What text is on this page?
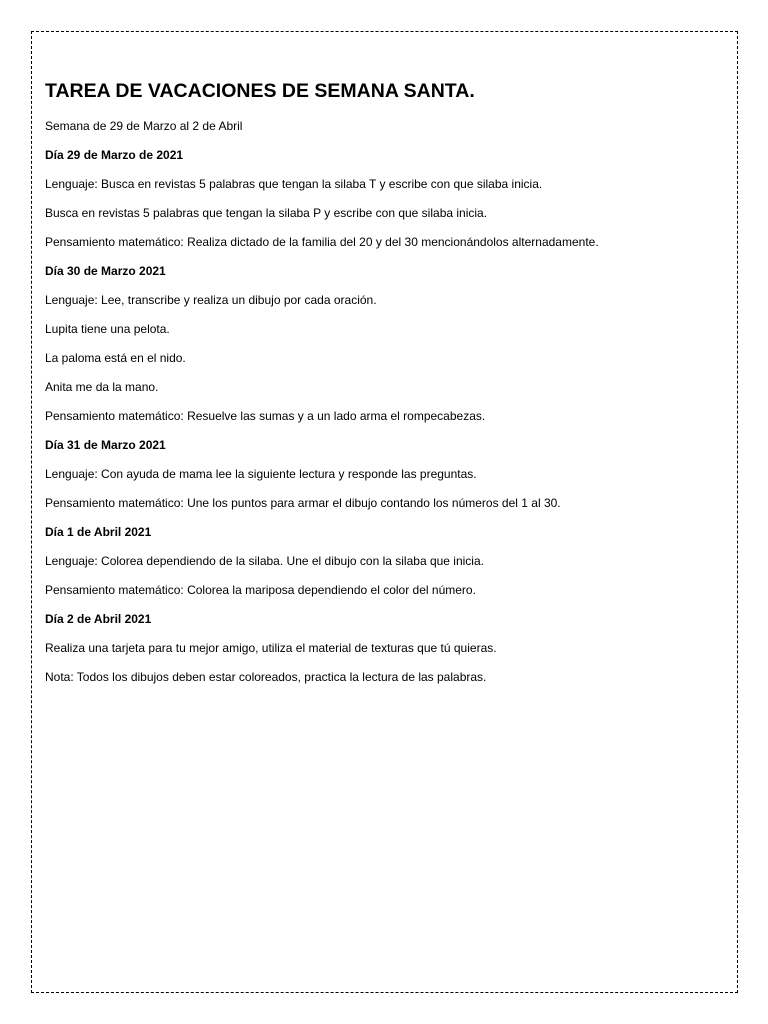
TAREA DE VACACIONES DE SEMANA SANTA.
Semana de 29 de Marzo al 2 de Abril
Día 29 de Marzo de 2021
Lenguaje: Busca en revistas 5 palabras que tengan la silaba T y escribe con que silaba inicia.
Busca en revistas 5 palabras que tengan la silaba P y escribe con que silaba inicia.
Pensamiento matemático: Realiza dictado de la familia del 20 y del 30 mencionándolos alternadamente.
Día 30 de Marzo 2021
Lenguaje: Lee, transcribe y realiza un dibujo por cada oración.
Lupita tiene una pelota.
La paloma está en el nido.
Anita me da la mano.
Pensamiento matemático: Resuelve las sumas y a un lado arma el rompecabezas.
Día 31 de Marzo 2021
Lenguaje: Con ayuda de mama lee la siguiente lectura y responde las preguntas.
Pensamiento matemático: Une los puntos para armar el dibujo contando los números del 1 al 30.
Día 1 de Abril 2021
Lenguaje: Colorea dependiendo de la silaba. Une el dibujo con la silaba que inicia.
Pensamiento matemático: Colorea la mariposa dependiendo el color del número.
Día 2 de Abril 2021
Realiza una tarjeta para tu mejor amigo, utiliza el material de texturas que tú quieras.
Nota: Todos los dibujos deben estar coloreados, practica la lectura de las palabras.
